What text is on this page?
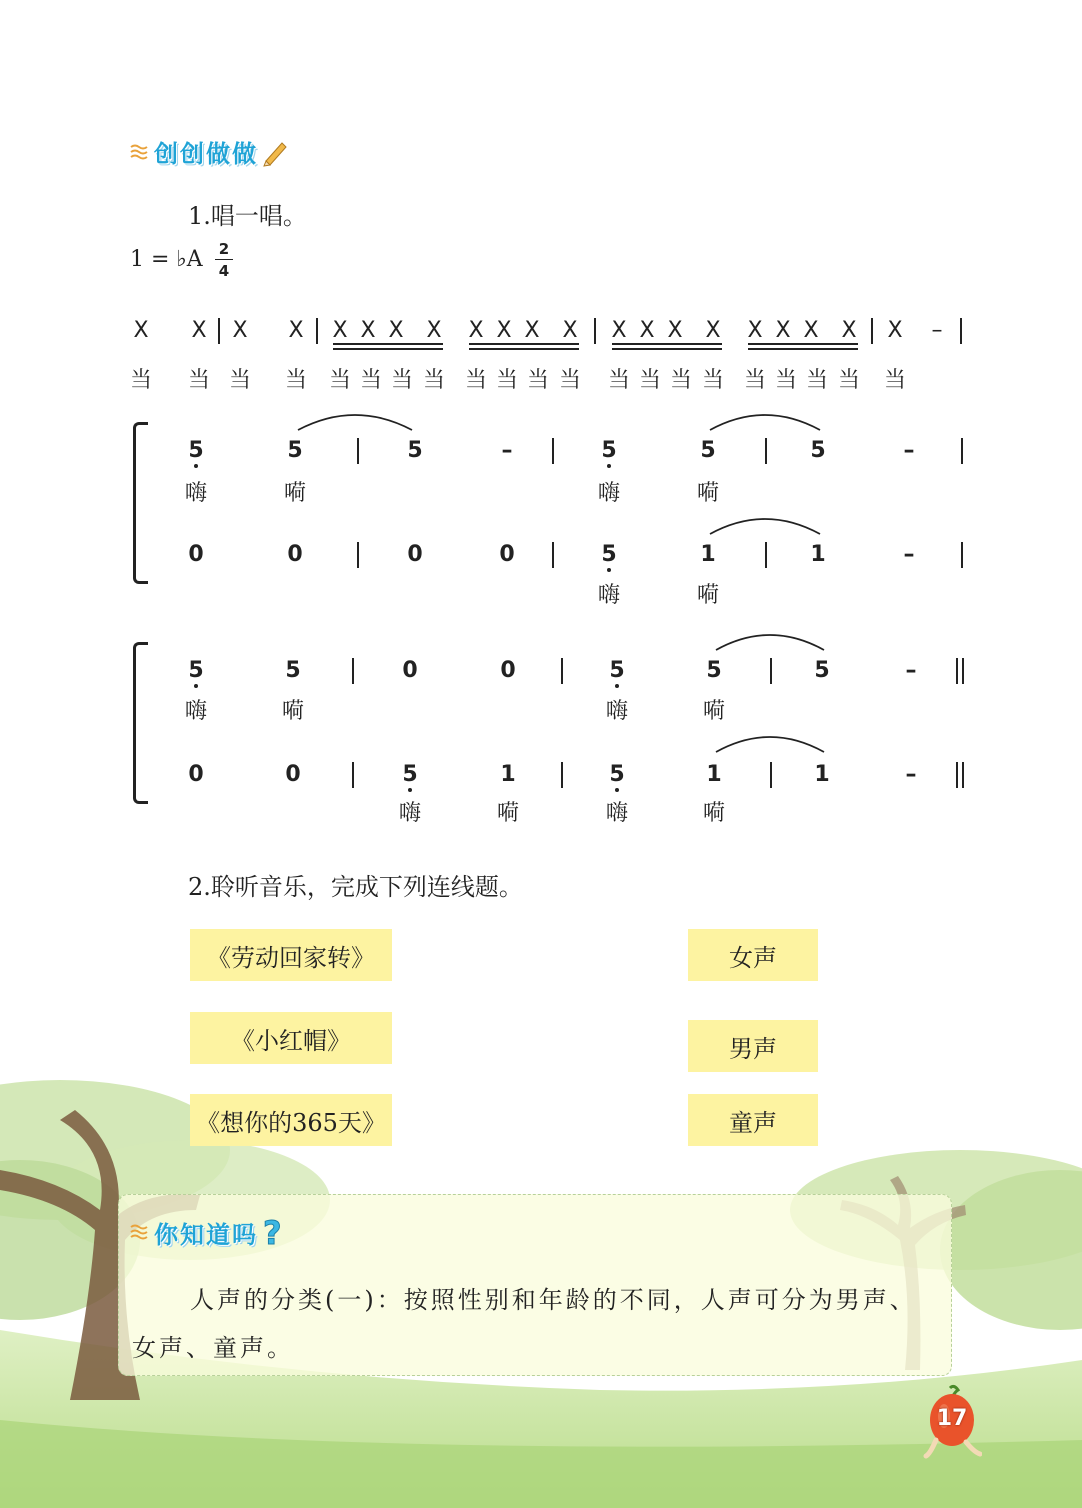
创创做做
1.唱一唱。
1 = ♭A 2
4
X X X X X X X X X X X X X X X X X X X X X –
当 当 当 当 当 当 当 当 当 当 当 当 当 当 当 当 当 当 当 当 当
5	5	5	–	5	5	5	–
嗨	嗬	嗨	嗬
0	0	0	0	5	1	1	–
嗨	嗬
5	5	0	0	5	5	5	–
嗨	嗬	嗨	嗬
0	0	5	1	5	1	1	–
嗨	嗬	嗨	嗬
2.聆听音乐，完成下列连线题。
《劳动回家转》
《小红帽》
《想你的365天》
女声
男声
童声
你知道吗 ?
人声的分类(一)：按照性别和年龄的不同，人声可分为男声、
女声、童声。
17
